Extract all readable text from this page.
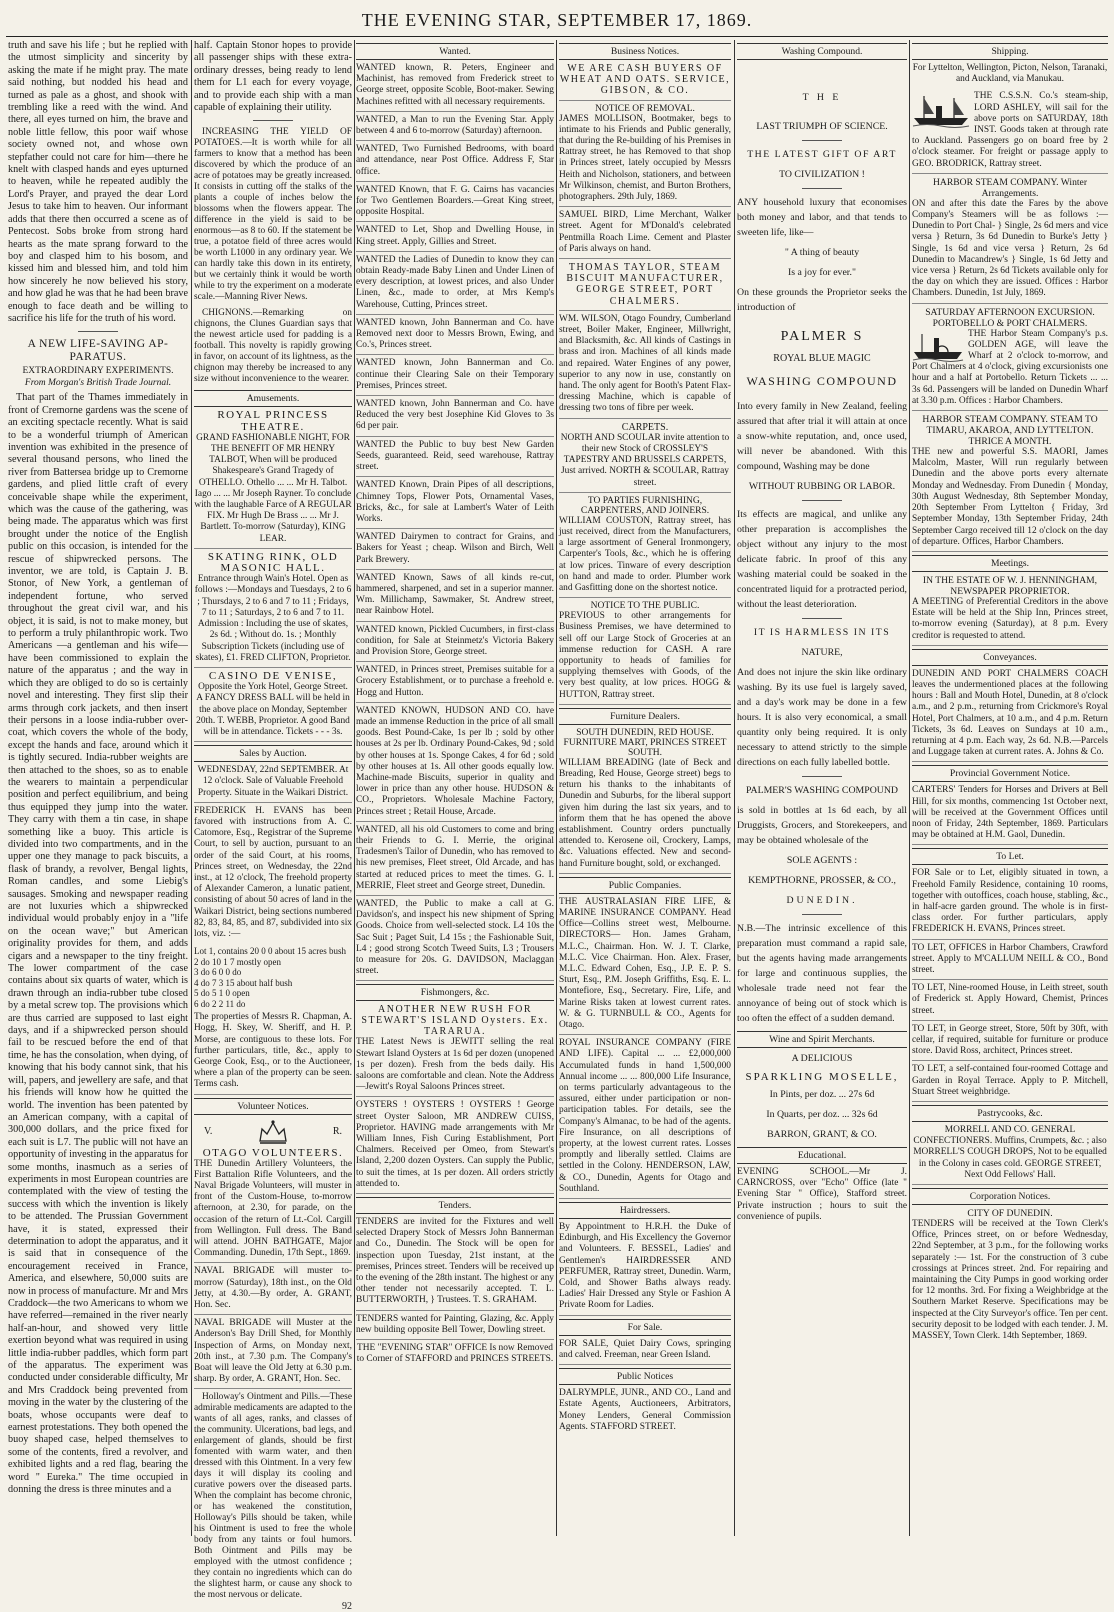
THE EVENING STAR, SEPTEMBER 17, 1869.

truth and save his life ; but he replied with the utmost simplicity and sincerity by asking the mate if he might pray. The mate said nothing, but nodded his head and turned as pale as a ghost, and shook with trembling like a reed with the wind. And there, all eyes turned on him, the brave and noble little fellow, this poor waif whose society owned not, and whose own stepfather could not care for him—there he knelt with clasped hands and eyes upturned to heaven, while he repeated audibly the Lord's Prayer, and prayed the dear Lord Jesus to take him to heaven. Our informant adds that there then occurred a scene as of Pentecost. Sobs broke from strong hard hearts as the mate sprang forward to the boy and clasped him to his bosom, and kissed him and blessed him, and told him how sincerely he now believed his story, and how glad he was that he had been brave enough to face death and be willing to sacrifice his life for the truth of his word.

A NEW LIFE-SAVING AP- PARATUS.
EXTRAORDINARY EXPERIMENTS.
From Morgan's British Trade Journal.

That part of the Thames immediately in front of Cremorne gardens was the scene of an exciting spectacle recently. What is said to be a wonderful triumph of American invention was exhibited in the presence of several thousand persons, who lined the river from Battersea bridge up to Cremorne gardens, and plied little craft of every conceivable shape while the experiment, which was the cause of the gathering, was being made. The apparatus which was first brought under the notice of the English public on this occasion, is intended for the rescue of shipwrecked persons. The inventor, we are told, is Captain J. B. Stonor, of New York, a gentleman of independent fortune, who served throughout the great civil war, and his object, it is said, is not to make money, but to perform a truly philanthropic work. Two Americans —a gentleman and his wife—have been commissioned to explain the nature of the apparatus ; and the way in which they are obliged to do so is certainly novel and interesting. They first slip their arms through cork jackets, and then insert their persons in a loose india-rubber over-coat, which covers the whole of the body, except the hands and face, around which it is tightly secured. India-rubber weights are then attached to the shoes, so as to enable the wearers to maintain a perpendicular position and perfect equilibrium, and being thus equipped they jump into the water. They carry with them a tin case, in shape something like a buoy. This article is divided into two compartments, and in the upper one they manage to pack biscuits, a flask of brandy, a revolver, Bengal lights, Roman candles, and some Liebig's sausages. Smoking and newspaper reading are not luxuries which a shipwrecked individual would probably enjoy in a "life on the ocean wave;" but American originality provides for them, and adds cigars and a newspaper to the tiny freight. The lower compartment of the case contains about six quarts of water, which is drawn through an india-rubber tube closed by a metal screw top. The provisions which are thus carried are supposed to last eight days, and if a shipwrecked person should fail to be rescued before the end of that time, he has the consolation, when dying, of knowing that his body cannot sink, that his will, papers, and jewellery are safe, and that his friends will know how he quitted the world. The invention has been patented by an American company, with a capital of 300,000 dollars, and the price fixed for each suit is L7. The public will not have an opportunity of investing in the apparatus for some months, inasmuch as a series of experiments in most European countries are contemplated with the view of testing the success with which the invention is likely to be attended. The Prussian Government have, it is stated, expressed their determination to adopt the apparatus, and it is said that in consequence of the encouragement received in France, America, and elsewhere, 50,000 suits are now in process of manufacture. Mr and Mrs Craddock—the two Americans to whom we have referred—remained in the river nearly half-an-hour, and showed very little exertion beyond what was required in using little india-rubber paddles, which form part of the apparatus. The experiment was conducted under considerable difficulty, Mr and Mrs Craddock being prevented from moving in the water by the clustering of the boats, whose occupants were deaf to earnest protestations. They both opened the buoy shaped case, helped themselves to some of the contents, fired a revolver, and exhibited lights and a red flag, bearing the word " Eureka." The time occupied in donning the dress is three minutes and a

half. Captain Stonor hopes to provide all passenger ships with these extra-ordinary dresses, being ready to lend them for L1 each for every voyage, and to provide each ship with a man capable of explaining their utility.

INCREASING THE YIELD OF POTATOES.—It is worth while for all farmers to know that a method has been discovered by which the produce of an acre of potatoes may be greatly increased. It consists in cutting off the stalks of the plants a couple of inches below the blossoms when the flowers appear. The difference in the yield is said to be enormous—as 8 to 60. If the statement be true, a potatoe field of three acres would be worth L1000 in any ordinary year. We can hardly take this down in its entirety, but we certainly think it would be worth while to try the experiment on a moderate scale.—Manning River News.

CHIGNONS.—Remarking on chignons, the Clunes Guardian says that the newest article used for padding is a football. This novelty is rapidly growing in favor, on account of its lightness, as the chignon may thereby be increased to any size without inconvenience to the wearer.

Amusements.
ROYAL PRINCESS THEATRE.
GRAND FASHIONABLE NIGHT, FOR THE BENEFIT OF MR HENRY TALBOT, When will be produced Shakespeare's Grand Tragedy of OTHELLO. Othello ... ... Mr H. Talbot. Iago ... ... Mr Joseph Rayner. To conclude with the laughable Farce of A REGULAR FIX. Mr Hugh De Brass ... ... Mr J. Bartlett. To-morrow (Saturday), KING LEAR.
SKATING RINK, OLD MASONIC HALL.
Entrance through Wain's Hotel. Open as follows :—Mondays and Tuesdays, 2 to 6 ; Thursdays, 2 to 6 and 7 to 11 ; Fridays, 7 to 11 ; Saturdays, 2 to 6 and 7 to 11. Admission : Including the use of skates, 2s 6d. ; Without do. 1s. ; Monthly Subscription Tickets (including use of skates), £1. FRED CLIFTON, Proprietor.
CASINO DE VENISE,
Opposite the York Hotel, George Street. A FANCY DRESS BALL will be held in the above place on Monday, September 20th. T. WEBB, Proprietor. A good Band will be in attendance. Tickets - - - 3s.
Sales by Auction.
WEDNESDAY, 22nd SEPTEMBER. At 12 o'clock. Sale of Valuable Freehold Property. Situate in the Waikari District.
FREDERICK H. EVANS has been favored with instructions from A. C. Catomore, Esq., Registrar of the Supreme Court, to sell by auction, pursuant to an order of the said Court, at his rooms, Princes street, on Wednesday, the 22nd inst., at 12 o'clock, The freehold property of Alexander Cameron, a lunatic patient, consisting of about 50 acres of land in the Waikari District, being sections numbered 82, 83, 84, 85, and 87, subdivided into six lots, viz. :—
Lot 1, contains 20 0 0 about 15 acres bush
2 do 10 1 7 mostly open
3 do 6 0 0 do
4 do 7 3 15 about half bush
5 do 5 1 0 open
6 do 2 2 11 do
The properties of Messrs R. Chapman, A. Hogg, H. Skey, W. Sheriff, and H. P. Morse, are contiguous to these lots. For further particulars, title, &c., apply to George Cook, Esq., or to the Auctioneer, where a plan of the property can be seen. Terms cash.
Volunteer Notices.
V.	R.
OTAGO VOLUNTEERS.
THE Dunedin Artillery Volunteers, the First Battalion Rifle Volunteers, and the Naval Brigade Volunteers, will muster in front of the Custom-House, to-morrow afternoon, at 2.30, for parade, on the occasion of the return of Lt.-Col. Cargill from Wellington. Full dress. The Band will attend. JOHN BATHGATE, Major Commanding. Dunedin, 17th Sept., 1869.
NAVAL BRIGADE will muster to-morrow (Saturday), 18th inst., on the Old Jetty, at 4.30.—By order, A. GRANT, Hon. Sec.
NAVAL BRIGADE will Muster at the Anderson's Bay Drill Shed, for Monthly Inspection of Arms, on Monday next, 20th inst., at 7.30 p.m. The Company's Boat will leave the Old Jetty at 6.30 p.m. sharp. By order, A. GRANT, Hon. Sec.

Holloway's Ointment and Pills.—These admirable medicaments are adapted to the wants of all ages, ranks, and classes of the community. Ulcerations, bad legs, and enlargement of glands, should be first fomented with warm water, and then dressed with this Ointment. In a very few days it will display its cooling and curative powers over the diseased parts. When the complaint has become chronic, or has weakened the constitution, Holloway's Pills should be taken, while his Ointment is used to free the whole body from any taints or foul humors. Both Ointment and Pills may be employed with the utmost confidence ; they contain no ingredients which can do the slightest harm, or cause any shock to the most nervous or delicate.

92
Wanted.
WANTED known, R. Peters, Engineer and Machinist, has removed from Frederick street to George street, opposite Scoble, Boot-maker. Sewing Machines refitted with all necessary requirements.
WANTED, a Man to run the Evening Star. Apply between 4 and 6 to-morrow (Saturday) afternoon.
WANTED, Two Furnished Bedrooms, with board and attendance, near Post Office. Address F, Star office.
WANTED Known, that F. G. Cairns has vacancies for Two Gentlemen Boarders.—Great King street, opposite Hospital.
WANTED to Let, Shop and Dwelling House, in King street. Apply, Gillies and Street.
WANTED the Ladies of Dunedin to know they can obtain Ready-made Baby Linen and Under Linen of every description, at lowest prices, and also Under Linen, &c., made to order, at Mrs Kemp's Warehouse, Cutting, Princes street.
WANTED known, John Bannerman and Co. have Removed next door to Messrs Brown, Ewing, and Co.'s, Princes street.
WANTED known, John Bannerman and Co. continue their Clearing Sale on their Temporary Premises, Princes street.
WANTED known, John Bannerman and Co. have Reduced the very best Josephine Kid Gloves to 3s 6d per pair.
WANTED the Public to buy best New Garden Seeds, guaranteed. Reid, seed warehouse, Rattray street.
WANTED Known, Drain Pipes of all descriptions, Chimney Tops, Flower Pots, Ornamental Vases, Bricks, &c., for sale at Lambert's Water of Leith Works.
WANTED Dairymen to contract for Grains, and Bakers for Yeast ; cheap. Wilson and Birch, Well Park Brewery.
WANTED Known, Saws of all kinds re-cut, hammered, sharpened, and set in a superior manner. Wm. Millichamp, Sawmaker, St. Andrew street, near Rainbow Hotel.
WANTED known, Pickled Cucumbers, in first-class condition, for Sale at Steinmetz's Victoria Bakery and Provision Store, George street.
WANTED, in Princes street, Premises suitable for a Grocery Establishment, or to purchase a freehold e. Hogg and Hutton.
WANTED KNOWN, HUDSON AND CO. have made an immense Reduction in the price of all small goods. Best Pound-Cake, 1s per lb ; sold by other houses at 2s per lb. Ordinary Pound-Cakes, 9d ; sold by other houses at 1s. Sponge Cakes, 4 for 6d ; sold by other houses at 1s. All other goods equally low. Machine-made Biscuits, superior in quality and lower in price than any other house. HUDSON & CO., Proprietors. Wholesale Machine Factory, Princes street ; Retail House, Arcade.
WANTED, all his old Customers to come and bring their Friends to G. I. Merrie, the original Tradesmen's Tailor of Dunedin, who has removed to his new premises, Fleet street, Old Arcade, and has started at reduced prices to meet the times. G. I. MERRIE, Fleet street and George street, Dunedin.
WANTED, the Public to make a call at G. Davidson's, and inspect his new shipment of Spring Goods. Choice from well-selected stock. L4 10s the Sac Suit ; Paget Suit, L4 15s ; the Fashionable Suit, L4 ; good strong Scotch Tweed Suits, L3 ; Trousers to measure for 20s. G. DAVIDSON, Maclaggan street.
Fishmongers, &c.
ANOTHER NEW RUSH FOR STEWART'S ISLAND Oysters. Ex. TARARUA.
THE Latest News is JEWITT selling the real Stewart Island Oysters at 1s 6d per dozen (unopened 1s per dozen). Fresh from the beds daily. His saloons are comfortable and clean. Note the Address—Jewitt's Royal Saloons Princes street.
OYSTERS ! OYSTERS ! OYSTERS ! George street Oyster Saloon, MR ANDREW CUISS, Proprietor. HAVING made arrangements with Mr William Innes, Fish Curing Establishment, Port Chalmers. Received per Omeo, from Stewart's Island, 2,200 dozen Oysters. Can supply the Public, to suit the times, at 1s per dozen. All orders strictly attended to.
Tenders.
TENDERS are invited for the Fixtures and well selected Drapery Stock of Messrs John Bannerman and Co., Dunedin. The Stock will be open for inspection upon Tuesday, 21st instant, at the premises, Princes street. Tenders will be received up to the evening of the 28th instant. The highest or any other tender not necessarily accepted. T. L. BUTTERWORTH, } Trustees. T. S. GRAHAM.
TENDERS wanted for Painting, Glazing, &c. Apply new building opposite Bell Tower, Dowling street.
THE "EVENING STAR" OFFICE Is now Removed to Corner of STAFFORD and PRINCES STREETS.
Business Notices.
WE ARE CASH BUYERS OF WHEAT AND OATS. SERVICE, GIBSON, & CO.
NOTICE OF REMOVAL.
JAMES MOLLISON, Bootmaker, begs to intimate to his Friends and Public generally, that during the Re-building of his Premises in Rattray street, he has Removed to that shop in Princes street, lately occupied by Messrs Heith and Nicholson, stationers, and between Mr Wilkinson, chemist, and Burton Brothers, photographers. 29th July, 1869.
SAMUEL BIRD, Lime Merchant, Walker street. Agent for M'Donald's celebrated Pentmilla Roach Lime. Cement and Plaster of Paris always on hand.
THOMAS TAYLOR, STEAM BISCUIT MANUFACTURER, GEORGE STREET, PORT CHALMERS.
WM. WILSON, Otago Foundry, Cumberland street, Boiler Maker, Engineer, Millwright, and Blacksmith, &c. All kinds of Castings in brass and iron. Machines of all kinds made and repaired. Water Engines of any power, superior to any now in use, constantly on hand. The only agent for Booth's Patent Flax-dressing Machine, which is capable of dressing two tons of fibre per week.
CARPETS.
NORTH AND SCOULAR invite attention to their new Stock of CROSSLEY'S TAPESTRY AND BRUSSELS CARPETS, Just arrived. NORTH & SCOULAR, Rattray street.
TO PARTIES FURNISHING, CARPENTERS, AND JOINERS.
WILLIAM COUSTON, Rattray street, has just received, direct from the Manufacturers, a large assortment of General Ironmongery, Carpenter's Tools, &c., which he is offering at low prices. Tinware of every description on hand and made to order. Plumber work and Gasfitting done on the shortest notice.
NOTICE TO THE PUBLIC.
PREVIOUS to other arrangements for Business Premises, we have determined to sell off our Large Stock of Groceries at an immense reduction for CASH. A rare opportunity to heads of families for supplying themselves with Goods, of the very best quality, at low prices. HOGG & HUTTON, Rattray street.
Furniture Dealers.
SOUTH DUNEDIN, RED HOUSE. FURNITURE MART, PRINCES STREET SOUTH.
WILLIAM BREADING (late of Beck and Breading, Red House, George street) begs to return his thanks to the inhabitants of Dunedin and Suburbs, for the liberal support given him during the last six years, and to inform them that he has opened the above establishment. Country orders punctually attended to. Kerosene oil, Crockery, Lamps, &c. Valuations effected. New and second-hand Furniture bought, sold, or exchanged.
Public Companies.
THE AUSTRALASIAN FIRE LIFE, & MARINE INSURANCE COMPANY. Head Office—Collins street west, Melbourne. DIRECTORS— Hon. James Graham, M.L.C., Chairman. Hon. W. J. T. Clarke, M.L.C. Vice Chairman. Hon. Alex. Fraser, M.L.C. Edward Cohen, Esq., J.P. E. P. S. Sturt, Esq., P.M. Joseph Griffiths, Esq. E. L. Montefiore, Esq., Secretary. Fire, Life, and Marine Risks taken at lowest current rates. W. & G. TURNBULL & CO., Agents for Otago.
ROYAL INSURANCE COMPANY (FIRE AND LIFE). Capital ... ... £2,000,000 Accumulated funds in hand 1,500,000 Annual income ... ... 800,000 Life Insurance, on terms particularly advantageous to the assured, either under participation or non-participation tables. For details, see the Company's Almanac, to be had of the agents. Fire Insurance, on all descriptions of property, at the lowest current rates. Losses promptly and liberally settled. Claims are settled in the Colony. HENDERSON, LAW, & CO., Dunedin, Agents for Otago and Southland.
Hairdressers.
By Appointment to H.R.H. the Duke of Edinburgh, and His Excellency the Governor and Volunteers. F. BESSEL, Ladies' and Gentlemen's HAIRDRESSER AND PERFUMER, Rattray street, Dunedin. Warm, Cold, and Shower Baths always ready. Ladies' Hair Dressed any Style or Fashion A Private Room for Ladies.
For Sale.
FOR SALE, Quiet Dairy Cows, springing and calved. Freeman, near Green Island.
Public Notices
DALRYMPLE, JUNR., AND CO., Land and Estate Agents, Auctioneers, Arbitrators, Money Lenders, General Commission Agents. STAFFORD STREET.
Washing Compound.
T H E
LAST TRIUMPH OF SCIENCE.
THE LATEST GIFT OF ART
TO CIVILIZATION !

ANY household luxury that economises both money and labor, and that tends to sweeten life, like—

" A thing of beauty
Is a joy for ever."

On these grounds the Proprietor seeks the introduction of

PALMER S
ROYAL BLUE MAGIC
WASHING COMPOUND

Into every family in New Zealand, feeling assured that after trial it will attain at once a snow-white reputation, and, once used, will never be abandoned. With this compound, Washing may be done

WITHOUT RUBBING OR LABOR.

Its effects are magical, and unlike any other preparation is accomplishes the object without any injury to the most delicate fabric. In proof of this any washing material could be soaked in the concentrated liquid for a protracted period, without the least deterioration.

IT IS HARMLESS IN ITS
NATURE,

And does not injure the skin like ordinary washing. By its use fuel is largely saved, and a day's work may be done in a few hours. It is also very economical, a small quantity only being required. It is only necessary to attend strictly to the simple directions on each fully labelled bottle.

PALMER'S WASHING COMPOUND

is sold in bottles at 1s 6d each, by all Druggists, Grocers, and Storekeepers, and may be obtained wholesale of the

SOLE AGENTS :
KEMPTHORNE, PROSSER, & CO.,
DUNEDIN.

N.B.—The intrinsic excellence of this preparation must command a rapid sale, but the agents having made arrangements for large and continuous supplies, the wholesale trade need not fear the annoyance of being out of stock which is too often the effect of a sudden demand.

Wine and Spirit Merchants.
A DELICIOUS
SPARKLING MOSELLE,
In Pints, per doz. ... 27s 6d
In Quarts, per doz. ... 32s 6d
BARRON, GRANT, & CO.
Educational.
EVENING SCHOOL.—Mr J. CARNCROSS, over "Echo" Office (late " Evening Star " Office), Stafford street. Private instruction ; hours to suit the convenience of pupils.
Shipping.
For Lyttelton, Wellington, Picton, Nelson, Taranaki, and Auckland, via Manukau.
THE C.S.S.N. Co.'s steam-ship, LORD ASHLEY, will sail for the above ports on SATURDAY, 18th INST. Goods taken at through rate to Auckland. Passengers go on board free by 2 o'clock steamer. For freight or passage apply to GEO. BRODRICK, Rattray street.
HARBOR STEAM COMPANY. Winter Arrangements.
ON and after this date the Fares by the above Company's Steamers will be as follows :— Dunedin to Port Chal- } Single, 2s 6d mers and vice versa } Return, 3s 6d Dunedin to Burke's Jetty } Single, 1s 6d and vice versa } Return, 2s 6d Dunedin to Macandrew's } Single, 1s 6d Jetty and vice versa } Return, 2s 6d Tickets available only for the day on which they are issued. Offices : Harbor Chambers. Dunedin, 1st July, 1869.
SATURDAY AFTERNOON EXCURSION.
PORTOBELLO & PORT CHALMERS.
THE Harbor Steam Company's p.s. GOLDEN AGE, will leave the Wharf at 2 o'clock to-morrow, and Port Chalmers at 4 o'clock, giving excursionists one hour and a half at Portobello. Return Tickets ... ... 3s 6d. Passengers will be landed on Dunedin Wharf at 3.30 p.m. Offices : Harbor Chambers.
HARBOR STEAM COMPANY. STEAM TO TIMARU, AKAROA, AND LYTTELTON. THRICE A MONTH.
THE new and powerful S.S. MAORI, James Malcolm, Master, Will run regularly between Dunedin and the above ports every alternate Monday and Wednesday. From Dunedin { Monday, 30th August Wednesday, 8th September Monday, 20th September From Lyttelton { Friday, 3rd September Monday, 13th September Friday, 24th September Cargo received till 12 o'clock on the day of departure. Offices, Harbor Chambers.
Meetings.
IN THE ESTATE OF W. J. HENNINGHAM, NEWSPAPER PROPRIETOR.
A MEETING of Preferential Creditors in the above Estate will be held at the Ship Inn, Princes street, to-morrow evening (Saturday), at 8 p.m. Every creditor is requested to attend.
Conveyances.
DUNEDIN AND PORT CHALMERS COACH leaves the undermentioned places at the following hours : Ball and Mouth Hotel, Dunedin, at 8 o'clock a.m., and 2 p.m., returning from Crickmore's Royal Hotel, Port Chalmers, at 10 a.m., and 4 p.m. Return Tickets, 3s 6d. Leaves on Sundays at 10 a.m., returning at 4 p.m. Each way, 2s 6d. N.B.—Parcels and Luggage taken at current rates. A. Johns & Co.
Provincial Government Notice.
CARTERS' Tenders for Horses and Drivers at Bell Hill, for six months, commencing 1st October next, will be received at the Government Offices until noon of Friday, 24th September, 1869. Particulars may be obtained at H.M. Gaol, Dunedin.
To Let.
FOR Sale or to Let, eligibly situated in town, a Freehold Family Residence, containing 10 rooms, together with outoffices, coach house, stabling, &c., in half-acre garden ground. The whole is in first-class order. For further particulars, apply FREDERICK H. EVANS, Princes street.
TO LET, OFFICES in Harbor Chambers, Crawford street. Apply to M'CALLUM NEILL & CO., Bond street.
TO LET, Nine-roomed House, in Leith street, south of Frederick st. Apply Howard, Chemist, Princes street.
TO LET, in George street, Store, 50ft by 30ft, with cellar, if required, suitable for furniture or produce store. David Ross, architect, Princes street.
TO LET, a self-contained four-roomed Cottage and Garden in Royal Terrace. Apply to P. Mitchell, Stuart Street weighbridge.
Pastrycooks, &c.
MORRELL AND CO. GENERAL CONFECTIONERS. Muffins, Crumpets, &c. ; also MORRELL'S COUGH DROPS, Not to be equalled in the Colony in cases cold. GEORGE STREET, Next Odd Fellows' Hall.
Corporation Notices.
CITY OF DUNEDIN.
TENDERS will be received at the Town Clerk's Office, Princes street, on or before Wednesday, 22nd September, at 3 p.m., for the following works separately :— 1st. For the construction of 3 cube crossings at Princes street. 2nd. For repairing and maintaining the City Pumps in good working order for 12 months. 3rd. For fixing a Weighbridge at the Southern Market Reserve. Specifications may be inspected at the City Surveyor's office. Ten per cent. security deposit to be lodged with each tender. J. M. MASSEY, Town Clerk. 14th September, 1869.
